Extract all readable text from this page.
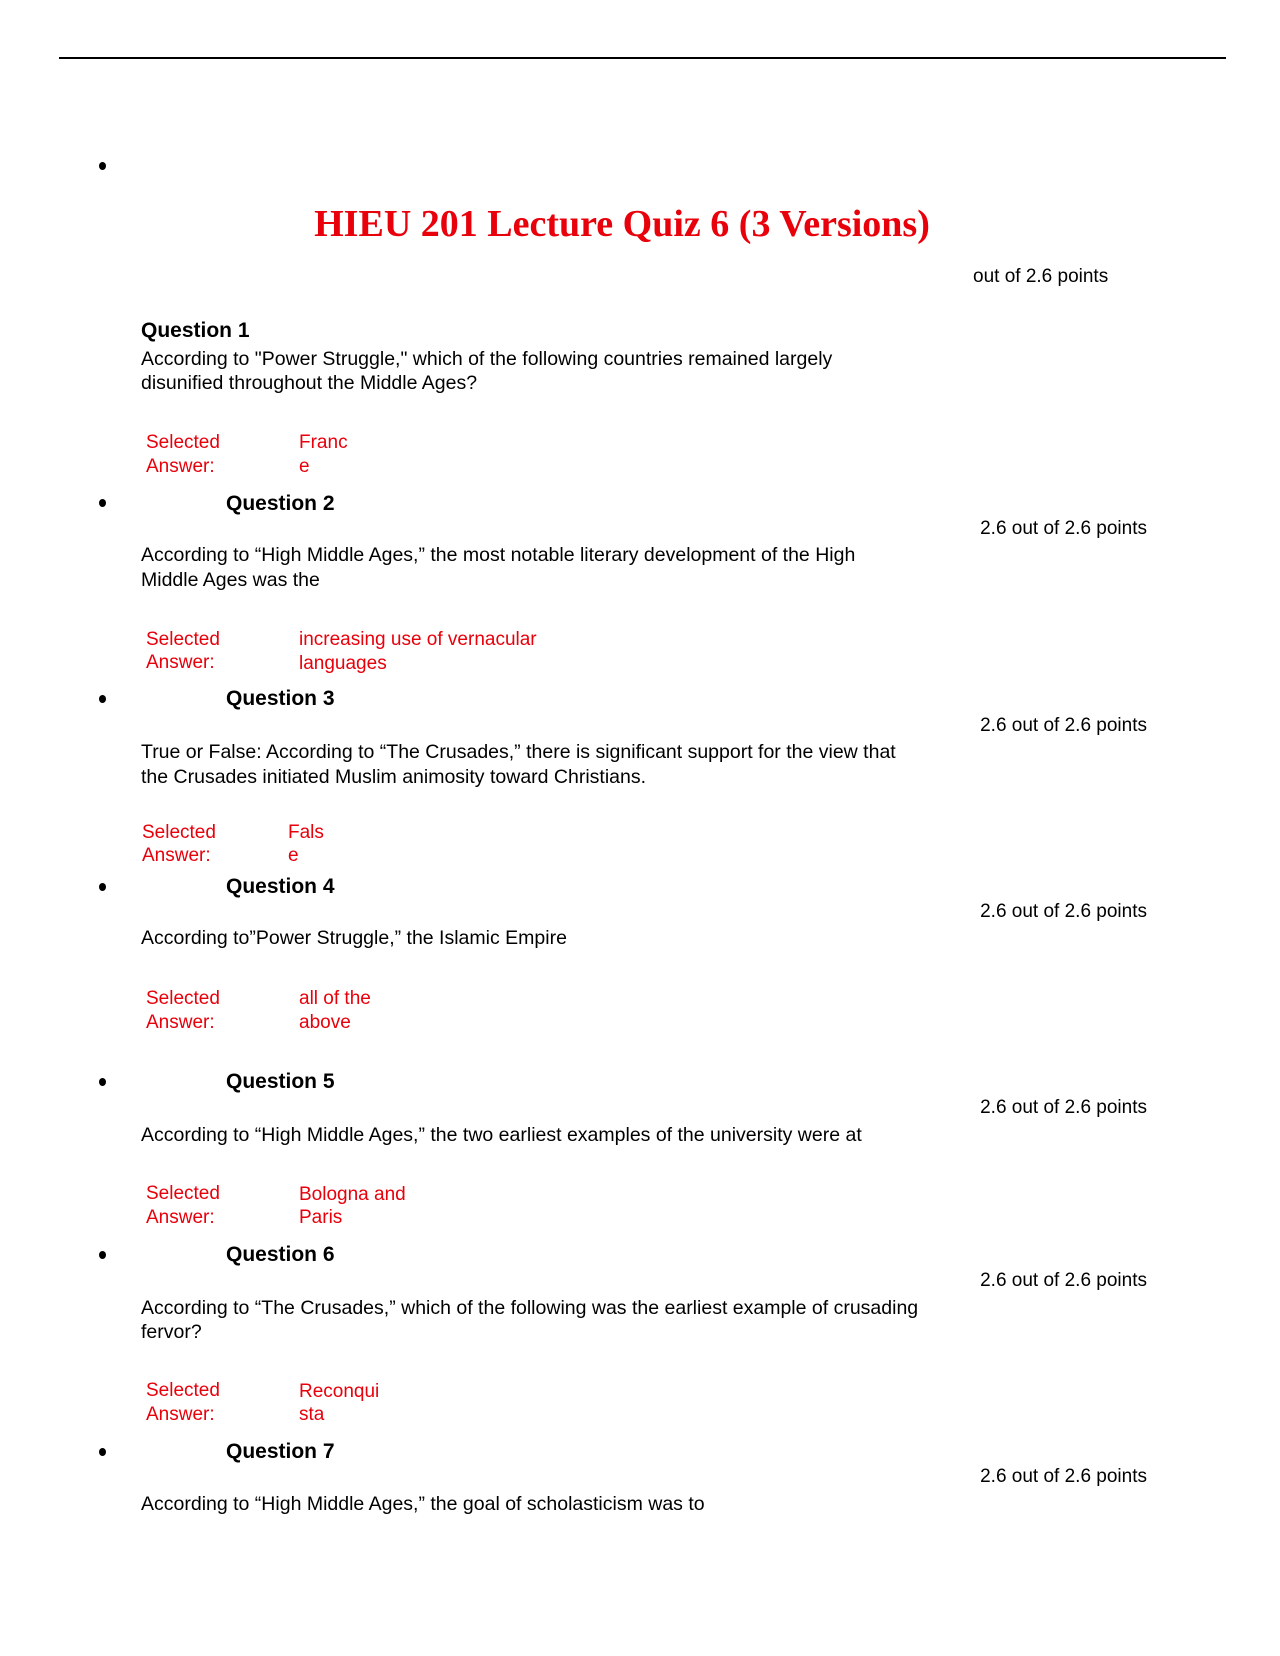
HIEU 201 Lecture Quiz 6 (3 Versions)
out of 2.6 points
Question 1
According to "Power Struggle," which of the following countries remained largely
disunified throughout the Middle Ages?
Selected
Answer:
Franc
e
Question 2
2.6 out of 2.6 points
According to “High Middle Ages,” the most notable literary development of the High
Middle Ages was the
Selected
Answer:
increasing use of vernacular
languages
Question 3
2.6 out of 2.6 points
True or False: According to “The Crusades,” there is significant support for the view that
the Crusades initiated Muslim animosity toward Christians.
Selected
Answer:
Fals
e
Question 4
2.6 out of 2.6 points
According to”Power Struggle,” the Islamic Empire
Selected
Answer:
all of the
above
Question 5
2.6 out of 2.6 points
According to “High Middle Ages,” the two earliest examples of the university were at
Selected
Answer:
Bologna and
Paris
Question 6
2.6 out of 2.6 points
According to “The Crusades,” which of the following was the earliest example of crusading
fervor?
Selected
Answer:
Reconqui
sta
Question 7
2.6 out of 2.6 points
According to “High Middle Ages,” the goal of scholasticism was to
